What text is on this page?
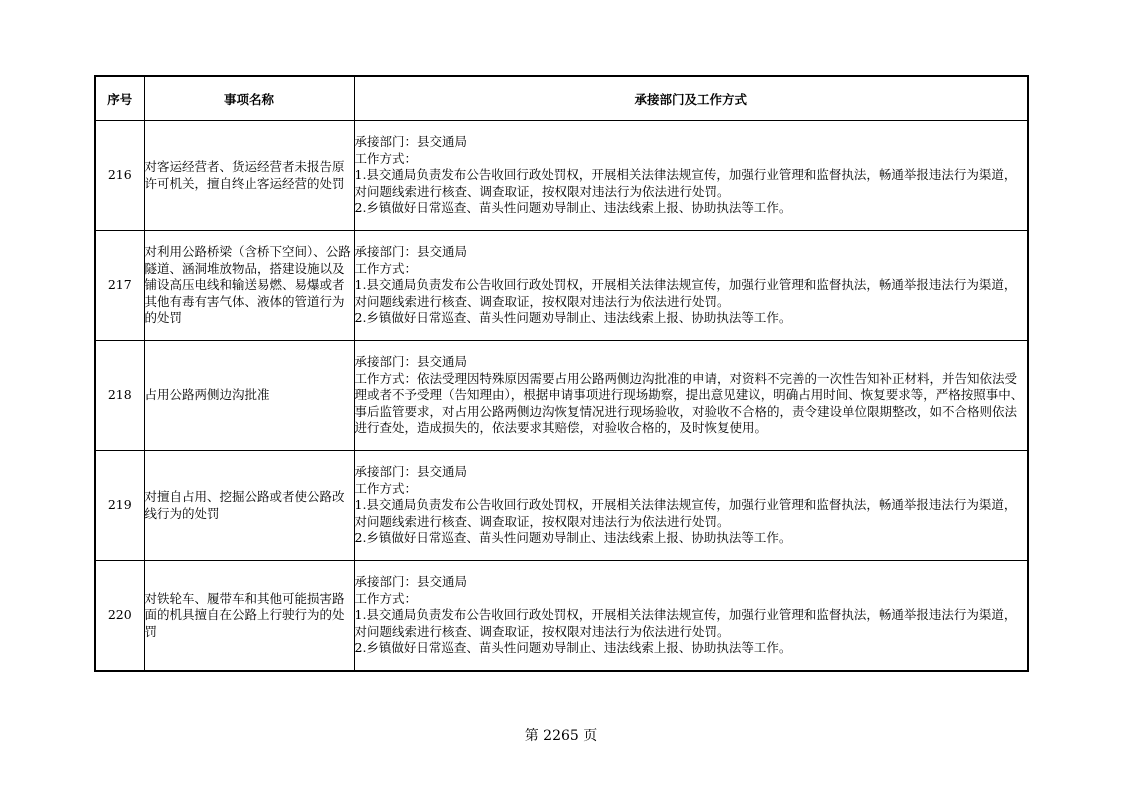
序号	事项名称	承接部门及工作方式
216	对客运经营者、货运经营者未报告原许可机关，擅自终止客运经营的处罚	承接部门：县交通局
工作方式：
1.县交通局负责发布公告收回行政处罚权，开展相关法律法规宣传，加强行业管理和监督执法，畅通举报违法行为渠道，对问题线索进行核查、调查取证，按权限对违法行为依法进行处罚。
2.乡镇做好日常巡查、苗头性问题劝导制止、违法线索上报、协助执法等工作。

217	对利用公路桥梁（含桥下空间）、公路隧道、涵洞堆放物品，搭建设施以及铺设高压电线和输送易燃、易爆或者其他有毒有害气体、液体的管道行为的处罚	承接部门：县交通局
工作方式：
1.县交通局负责发布公告收回行政处罚权，开展相关法律法规宣传，加强行业管理和监督执法，畅通举报违法行为渠道，对问题线索进行核查、调查取证，按权限对违法行为依法进行处罚。
2.乡镇做好日常巡查、苗头性问题劝导制止、违法线索上报、协助执法等工作。

218	占用公路两侧边沟批准	承接部门：县交通局
工作方式：依法受理因特殊原因需要占用公路两侧边沟批准的申请，对资料不完善的一次性告知补正材料，并告知依法受理或者不予受理（告知理由），根据申请事项进行现场勘察，提出意见建议，明确占用时间、恢复要求等，严格按照事中、事后监管要求，对占用公路两侧边沟恢复情况进行现场验收，对验收不合格的，责令建设单位限期整改，如不合格则依法进行查处，造成损失的，依法要求其赔偿，对验收合格的，及时恢复使用。

219	对擅自占用、挖掘公路或者使公路改线行为的处罚	承接部门：县交通局
工作方式：
1.县交通局负责发布公告收回行政处罚权，开展相关法律法规宣传，加强行业管理和监督执法，畅通举报违法行为渠道，对问题线索进行核查、调查取证，按权限对违法行为依法进行处罚。
2.乡镇做好日常巡查、苗头性问题劝导制止、违法线索上报、协助执法等工作。

220	对铁轮车、履带车和其他可能损害路面的机具擅自在公路上行驶行为的处罚	承接部门：县交通局
工作方式：
1.县交通局负责发布公告收回行政处罚权，开展相关法律法规宣传，加强行业管理和监督执法，畅通举报违法行为渠道，对问题线索进行核查、调查取证，按权限对违法行为依法进行处罚。
2.乡镇做好日常巡查、苗头性问题劝导制止、违法线索上报、协助执法等工作。
第 2265 页
